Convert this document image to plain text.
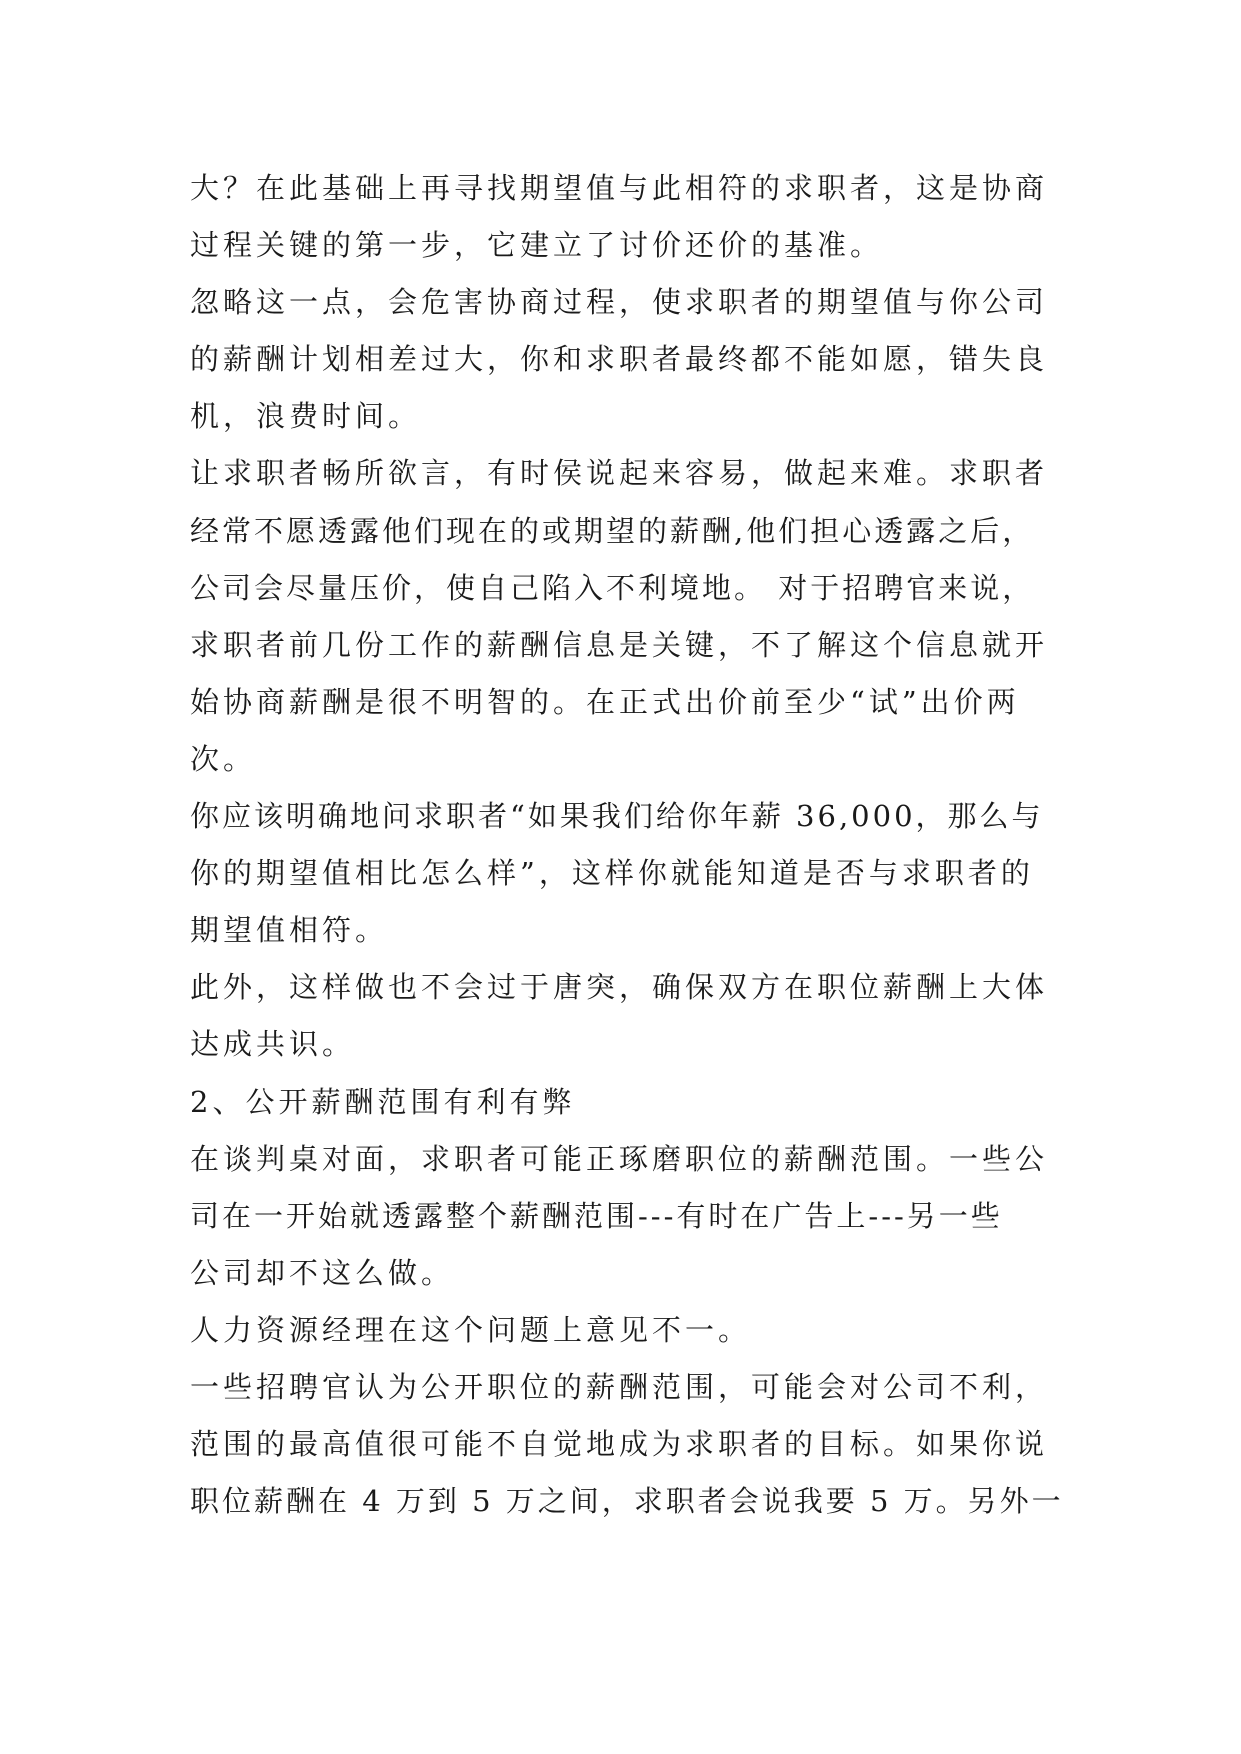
大？在此基础上再寻找期望值与此相符的求职者，这是协商
过程关键的第一步，它建立了讨价还价的基准。
忽略这一点，会危害协商过程，使求职者的期望值与你公司
的薪酬计划相差过大，你和求职者最终都不能如愿，错失良
机，浪费时间。
让求职者畅所欲言，有时侯说起来容易，做起来难。求职者
经常不愿透露他们现在的或期望的薪酬,他们担心透露之后，
公司会尽量压价，使自己陷入不利境地。 对于招聘官来说，
求职者前几份工作的薪酬信息是关键，不了解这个信息就开
始协商薪酬是很不明智的。在正式出价前至少“试”出价两
次。
你应该明确地问求职者“如果我们给你年薪 36,000，那么与
你的期望值相比怎么样”，这样你就能知道是否与求职者的
期望值相符。
此外，这样做也不会过于唐突，确保双方在职位薪酬上大体
达成共识。
2、公开薪酬范围有利有弊
在谈判桌对面，求职者可能正琢磨职位的薪酬范围。一些公
司在一开始就透露整个薪酬范围---有时在广告上---另一些
公司却不这么做。
人力资源经理在这个问题上意见不一。
一些招聘官认为公开职位的薪酬范围，可能会对公司不利，
范围的最高值很可能不自觉地成为求职者的目标。如果你说
职位薪酬在 4 万到 5 万之间，求职者会说我要 5 万。另外一
